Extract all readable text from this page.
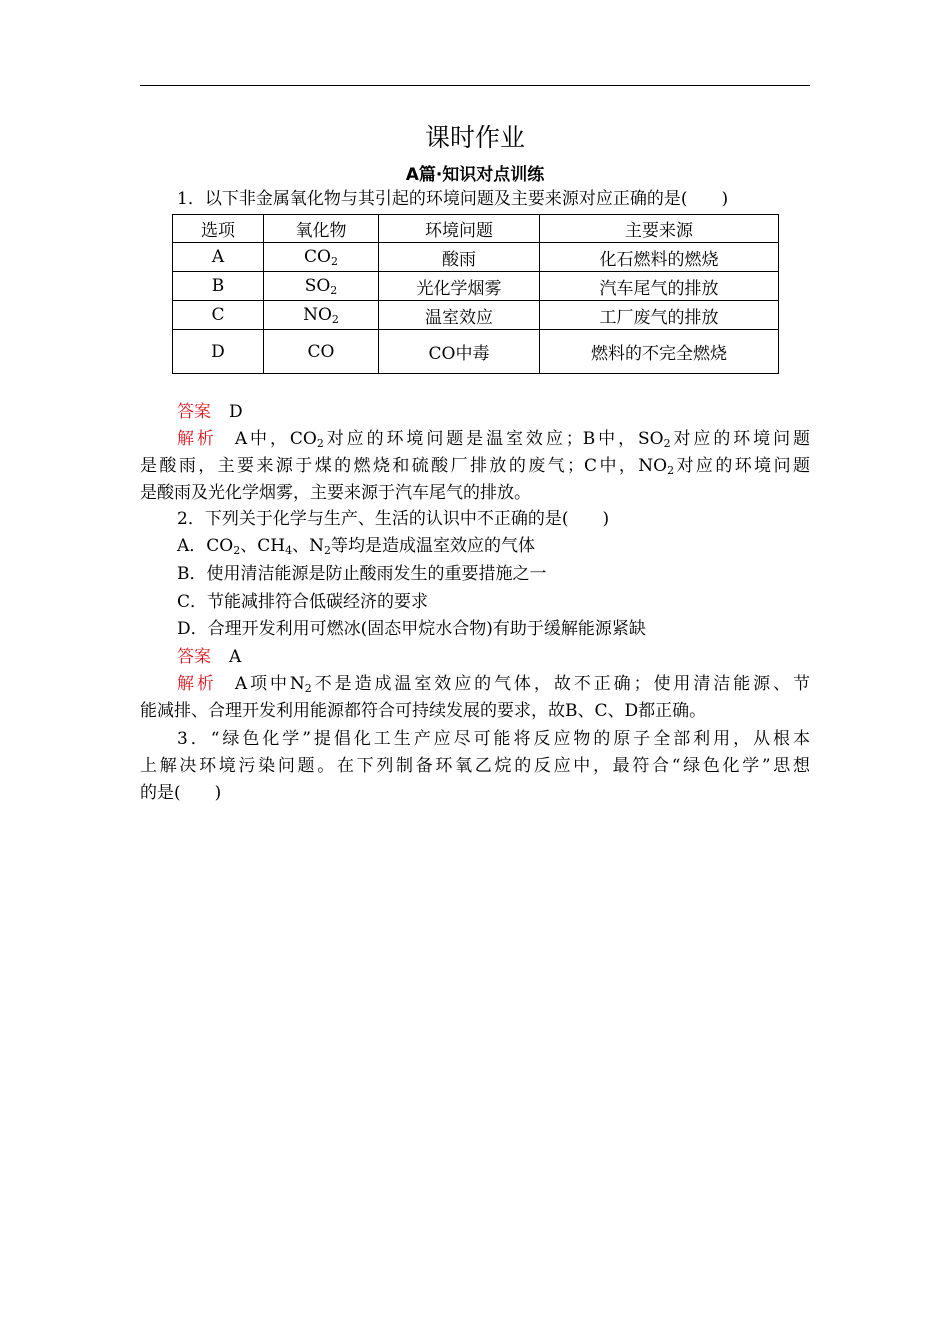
课时作业
A篇·知识对点训练
1．以下非金属氧化物与其引起的环境问题及主要来源对应正确的是(　　)
选项	氧化物	环境问题	主要来源
A	$CO_2$	酸雨	化石燃料的燃烧
B	$SO_2$	光化学烟雾	汽车尾气的排放
C	$NO_2$	温室效应	工厂废气的排放
D	CO	CO中毒	燃料的不完全燃烧
答案 D
解析 A中，$CO_2$对应的环境问题是温室效应；B中，$SO_2$对应的环境问题
是酸雨，主要来源于煤的燃烧和硫酸厂排放的废气；C中，$NO_2$对应的环境问题
是酸雨及光化学烟雾，主要来源于汽车尾气的排放。
2．下列关于化学与生产、生活的认识中不正确的是(　　)
A．$CO_2$、$CH_4$、$N_2$等均是造成温室效应的气体
B．使用清洁能源是防止酸雨发生的重要措施之一
C．节能减排符合低碳经济的要求
D．合理开发利用可燃冰(固态甲烷水合物)有助于缓解能源紧缺
答案 A
解析 A项中$N_2$不是造成温室效应的气体，故不正确；使用清洁能源、节
能减排、合理开发利用能源都符合可持续发展的要求，故B、C、D都正确。
3．“绿色化学”提倡化工生产应尽可能将反应物的原子全部利用，从根本
上解决环境污染问题。在下列制备环氧乙烷的反应中，最符合“绿色化学”思想
的是(　　)
